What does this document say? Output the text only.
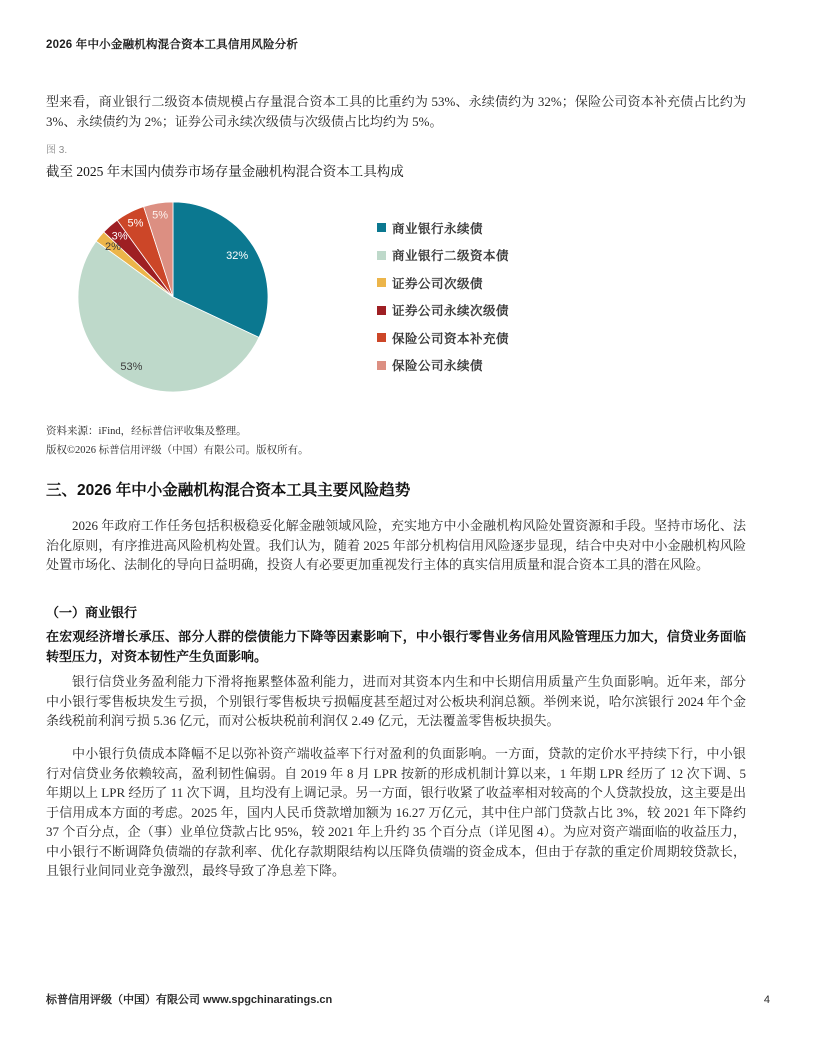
2026 年中小金融机构混合资本工具信用风险分析
型来看，商业银行二级资本债规模占存量混合资本工具的比重约为 53%、永续债约为 32%；保险公司资本补充债占比约为 3%、永续债约为 2%；证券公司永续次级债与次级债占比均约为 5%。
图 3.
截至 2025 年末国内债券市场存量金融机构混合资本工具构成
32%
53%
2%
3%
5%
5%
商业银行永续债
商业银行二级资本债
证券公司次级债
证券公司永续次级债
保险公司资本补充债
保险公司永续债
资料来源：iFind，经标普信评收集及整理。
版权©2026 标普信用评级（中国）有限公司。版权所有。
三、2026 年中小金融机构混合资本工具主要风险趋势
2026 年政府工作任务包括积极稳妥化解金融领域风险，充实地方中小金融机构风险处置资源和手段。坚持市场化、法治化原则，有序推进高风险机构处置。我们认为，随着 2025 年部分机构信用风险逐步显现，结合中央对中小金融机构风险处置市场化、法制化的导向日益明确，投资人有必要更加重视发行主体的真实信用质量和混合资本工具的潜在风险。
（一）商业银行
在宏观经济增长承压、部分人群的偿债能力下降等因素影响下，中小银行零售业务信用风险管理压力加大，信贷业务面临转型压力，对资本韧性产生负面影响。
银行信贷业务盈利能力下滑将拖累整体盈利能力，进而对其资本内生和中长期信用质量产生负面影响。近年来，部分中小银行零售板块发生亏损，个别银行零售板块亏损幅度甚至超过对公板块利润总额。举例来说，哈尔滨银行 2024 年个金条线税前利润亏损 5.36 亿元，而对公板块税前利润仅 2.49 亿元，无法覆盖零售板块损失。
中小银行负债成本降幅不足以弥补资产端收益率下行对盈利的负面影响。一方面，贷款的定价水平持续下行，中小银行对信贷业务依赖较高，盈利韧性偏弱。自 2019 年 8 月 LPR 按新的形成机制计算以来，1 年期 LPR 经历了 12 次下调、5 年期以上 LPR 经历了 11 次下调，且均没有上调记录。另一方面，银行收紧了收益率相对较高的个人贷款投放，这主要是出于信用成本方面的考虑。2025 年，国内人民币贷款增加额为 16.27 万亿元，其中住户部门贷款占比 3%，较 2021 年下降约 37 个百分点，企（事）业单位贷款占比 95%，较 2021 年上升约 35 个百分点（详见图 4）。为应对资产端面临的收益压力，中小银行不断调降负债端的存款利率、优化存款期限结构以压降负债端的资金成本，但由于存款的重定价周期较贷款长，且银行业间同业竞争激烈，最终导致了净息差下降。
标普信用评级（中国）有限公司 www.spgchinaratings.cn	4
